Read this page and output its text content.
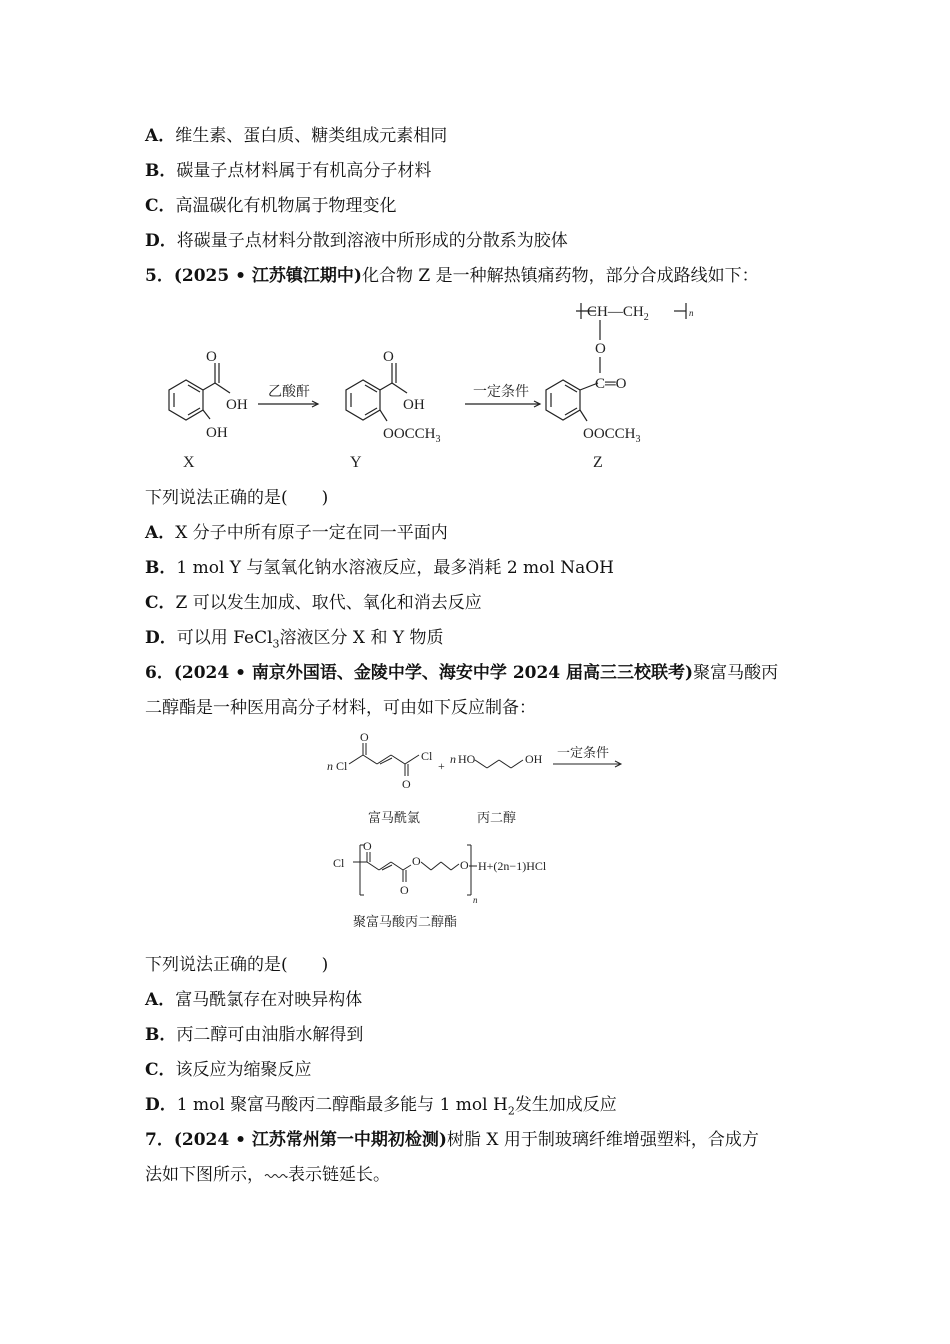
A．维生素、蛋白质、糖类组成元素相同
B．碳量子点材料属于有机高分子材料
C．高温碳化有机物属于物理变化
D．将碳量子点材料分散到溶液中所形成的分散系为胶体
5．(2025 • 江苏镇江期中)化合物 Z 是一种解热镇痛药物，部分合成路线如下：
O
OH
OH
X
乙酸酐
O
OH
$OOCCH_3$
Y
一定条件
$CH—CH_2$	n
O
C═O
$OOCCH_3$
Z
下列说法正确的是(　　)
A．X 分子中所有原子一定在同一平面内
B．1 mol Y 与氢氧化钠水溶液反应，最多消耗 2 mol NaOH
C．Z 可以发生加成、取代、氧化和消去反应
D．可以用 FeCl$_3$溶液区分 X 和 Y 物质
6．(2024 • 南京外国语、金陵中学、海安中学 2024 届高三三校联考)聚富马酸丙
二醇酯是一种医用高分子材料，可由如下反应制备：
n Cl
O
O
Cl
+ n HO	OH 一定条件
富马酰氯	丙二醇
Cl
O
O
O	O
n
H+(2n−1)HCl
聚富马酸丙二醇酯
下列说法正确的是(　　)
A．富马酰氯存在对映异构体
B．丙二醇可由油脂水解得到
C．该反应为缩聚反应
D．1 mol 聚富马酸丙二醇酯最多能与 1 mol $H_2$发生加成反应
7．(2024 • 江苏常州第一中期初检测)树脂 X 用于制玻璃纤维增强塑料，合成方
法如下图所示， 表示链延长。
